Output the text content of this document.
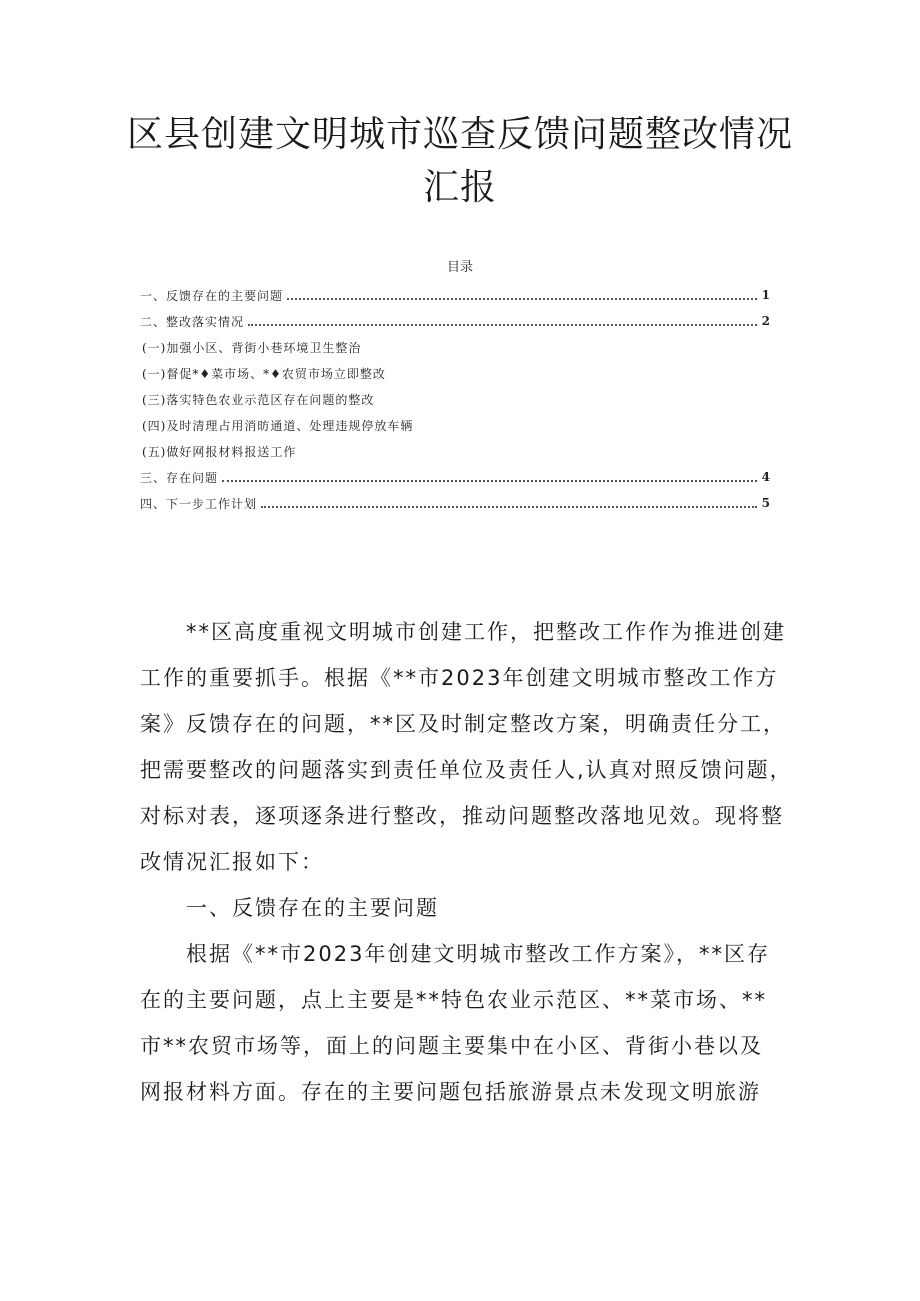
区县创建文明城市巡查反馈问题整改情况
汇报
目录
一、反馈存在的主要问题	1
二、整改落实情况	2
(一)加强小区、背街小巷环境卫生整治
(一)督促*♦菜市场、*♦农贸市场立即整改
(三)落实特色农业示范区存在问题的整改
(四)及时清理占用消昉通道、处理违规停放车辆
(五)做好网报材料报送工作
三、存在问题	4
四、下一步工作计划	5
**区高度重视文明城市创建工作，把整改工作作为推进创建
工作的重要抓手。根据《**市2023年创建文明城市整改工作方
案》反馈存在的问题，**区及时制定整改方案，明确责任分工，
把需要整改的问题落实到责任单位及责任人,认真对照反馈问题，
对标对表，逐项逐条进行整改，推动问题整改落地见效。现将整
改情况汇报如下：
一、反馈存在的主要问题
根据《**市2023年创建文明城市整改工作方案》，**区存
在的主要问题，点上主要是**特色农业示范区、**菜市场、**
市**农贸市场等，面上的问题主要集中在小区、背街小巷以及
网报材料方面。存在的主要问题包括旅游景点未发现文明旅游
